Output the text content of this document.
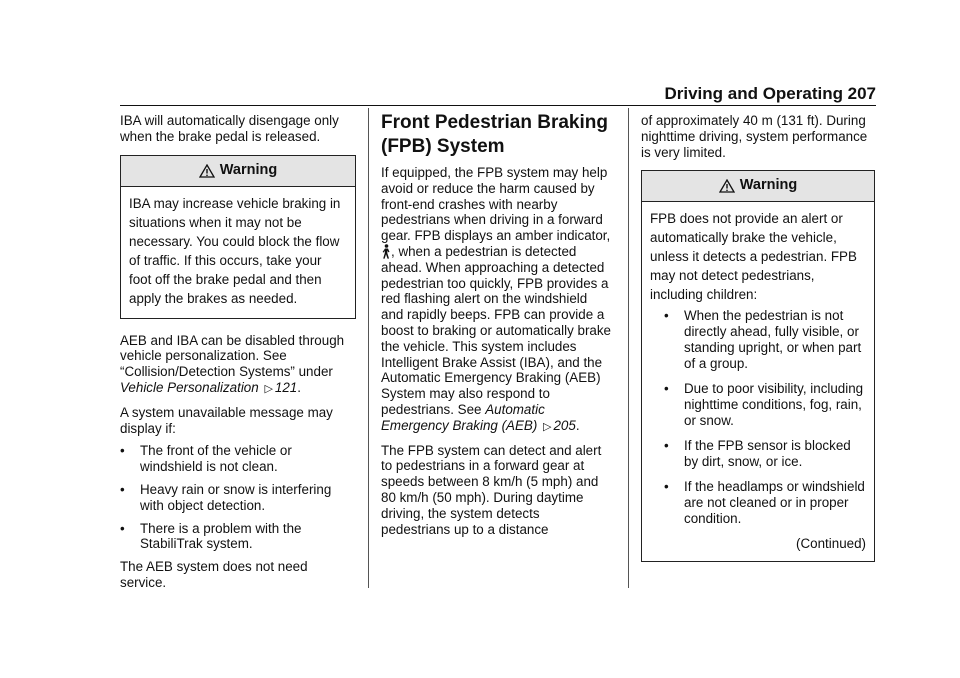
Driving and Operating 207

IBA will automatically disengage only when the brake pedal is released.

Warning

IBA may increase vehicle braking in situations when it may not be necessary. You could block the flow of traffic. If this occurs, take your foot off the brake pedal and then apply the brakes as needed.

AEB and IBA can be disabled through vehicle personalization. See “Collision/Detection Systems” under Vehicle Personalization ▷ 121.

A system unavailable message may display if:

• The front of the vehicle or windshield is not clean.
• Heavy rain or snow is interfering with object detection.
• There is a problem with the StabiliTrak system.

The AEB system does not need service.

Front Pedestrian Braking (FPB) System

If equipped, the FPB system may help avoid or reduce the harm caused by front-end crashes with nearby pedestrians when driving in a forward gear. FPB displays an amber indicator, , when a pedestrian is detected ahead. When approaching a detected pedestrian too quickly, FPB provides a red flashing alert on the windshield and rapidly beeps. FPB can provide a boost to braking or automatically brake the vehicle. This system includes Intelligent Brake Assist (IBA), and the Automatic Emergency Braking (AEB) System may also respond to pedestrians. See Automatic Emergency Braking (AEB) ▷ 205.

The FPB system can detect and alert to pedestrians in a forward gear at speeds between 8 km/h (5 mph) and 80 km/h (50 mph). During daytime driving, the system detects pedestrians up to a distance

of approximately 40 m (131 ft). During nighttime driving, system performance is very limited.

Warning

FPB does not provide an alert or automatically brake the vehicle, unless it detects a pedestrian. FPB may not detect pedestrians, including children:

• When the pedestrian is not directly ahead, fully visible, or standing upright, or when part of a group.
• Due to poor visibility, including nighttime conditions, fog, rain, or snow.
• If the FPB sensor is blocked by dirt, snow, or ice.
• If the headlamps or windshield are not cleaned or in proper condition.
(Continued)
